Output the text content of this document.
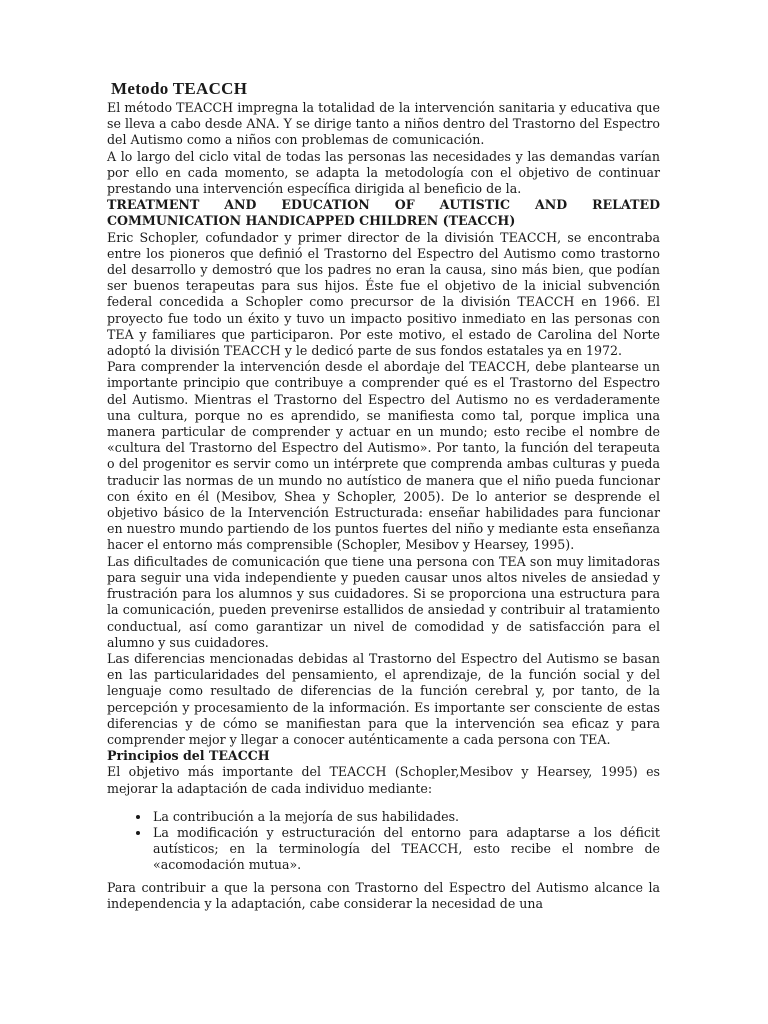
Metodo TEACCH

El método TEACCH impregna la totalidad de la intervención sanitaria y educativa que se lleva a cabo desde ANA. Y se dirige tanto a niños dentro del Trastorno del Espectro del Autismo como a niños con problemas de comunicación.

A lo largo del ciclo vital de todas las personas las necesidades y las demandas varían por ello en cada momento, se adapta la metodología con el objetivo de continuar prestando una intervención específica dirigida al beneficio de la.

TREATMENT AND EDUCATION OF AUTISTIC AND RELATED COMMUNICATION HANDICAPPED CHILDREN (TEACCH)

Eric Schopler, cofundador y primer director de la división TEACCH, se encontraba entre los pioneros que definió el Trastorno del Espectro del Autismo como trastorno del desarrollo y demostró que los padres no eran la causa, sino más bien, que podían ser buenos terapeutas para sus hijos. Éste fue el objetivo de la inicial subvención federal concedida a Schopler como precursor de la división TEACCH en 1966. El proyecto fue todo un éxito y tuvo un impacto positivo inmediato en las personas con TEA y familiares que participaron. Por este motivo, el estado de Carolina del Norte adoptó la división TEACCH y le dedicó parte de sus fondos estatales ya en 1972.

Para comprender la intervención desde el abordaje del TEACCH, debe plantearse un importante principio que contribuye a comprender qué es el Trastorno del Espectro del Autismo. Mientras el Trastorno del Espectro del Autismo no es verdaderamente una cultura, porque no es aprendido, se manifiesta como tal, porque implica una manera particular de comprender y actuar en un mundo; esto recibe el nombre de «cultura del Trastorno del Espectro del Autismo». Por tanto, la función del terapeuta o del progenitor es servir como un intérprete que comprenda ambas culturas y pueda traducir las normas de un mundo no autístico de manera que el niño pueda funcionar con éxito en él (Mesibov, Shea y Schopler, 2005). De lo anterior se desprende el objetivo básico de la Intervención Estructurada: enseñar habilidades para funcionar en nuestro mundo partiendo de los puntos fuertes del niño y mediante esta enseñanza hacer el entorno más comprensible (Schopler, Mesibov y Hearsey, 1995).

Las dificultades de comunicación que tiene una persona con TEA son muy limitadoras para seguir una vida independiente y pueden causar unos altos niveles de ansiedad y frustración para los alumnos y sus cuidadores. Si se proporciona una estructura para la comunicación, pueden prevenirse estallidos de ansiedad y contribuir al tratamiento conductual, así como garantizar un nivel de comodidad y de satisfacción para el alumno y sus cuidadores.

Las diferencias mencionadas debidas al Trastorno del Espectro del Autismo se basan en las particularidades del pensamiento, el aprendizaje, de la función social y del lenguaje como resultado de diferencias de la función cerebral y, por tanto, de la percepción y procesamiento de la información. Es importante ser consciente de estas diferencias y de cómo se manifiestan para que la intervención sea eficaz y para comprender mejor y llegar a conocer auténticamente a cada persona con TEA.

Principios del TEACCH

El objetivo más importante del TEACCH (Schopler,Mesibov y Hearsey, 1995) es mejorar la adaptación de cada individuo mediante:

• La contribución a la mejoría de sus habilidades.
• La modificación y estructuración del entorno para adaptarse a los déficit autísticos; en la terminología del TEACCH, esto recibe el nombre de «acomodación mutua».

Para contribuir a que la persona con Trastorno del Espectro del Autismo alcance la independencia y la adaptación, cabe considerar la necesidad de una
